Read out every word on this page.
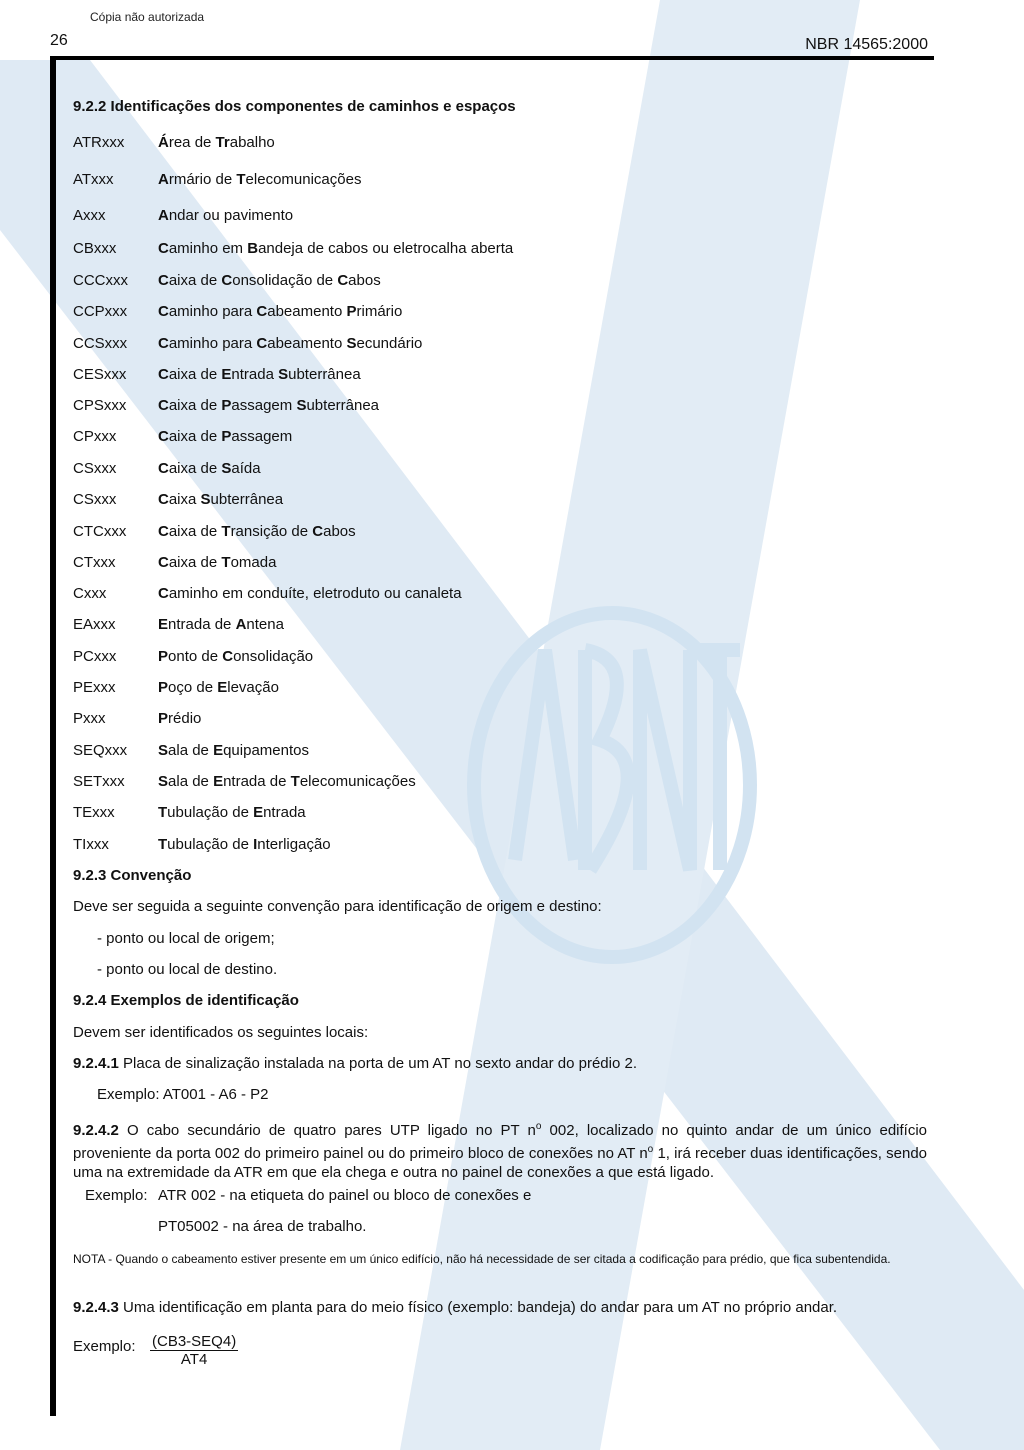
Cópia não autorizada
26	NBR 14565:2000
9.2.2 Identificações dos componentes de caminhos e espaços
ATRxxx Área de Trabalho
ATxxx	Armário de Telecomunicações
Axxx	Andar ou pavimento
CBxxx	Caminho em Bandeja de cabos ou eletrocalha aberta
CCCxxx Caixa de Consolidação de Cabos
CCPxxx Caminho para Cabeamento Primário
CCSxxx Caminho para Cabeamento Secundário
CESxxx Caixa de Entrada Subterrânea
CPSxxx Caixa de Passagem Subterrânea
CPxxx	Caixa de Passagem
CSxxx	Caixa de Saída
CSxxx	Caixa Subterrânea
CTCxxx Caixa de Transição de Cabos
CTxxx	Caixa de Tomada
Cxxx	Caminho em conduíte, eletroduto ou canaleta
EAxxx	Entrada de Antena
PCxxx	Ponto de Consolidação
PExxx	Poço de Elevação
Pxxx	Prédio
SEQxxx Sala de Equipamentos
SETxxx Sala de Entrada de Telecomunicações
TExxx	Tubulação de Entrada
TIxxx	Tubulação de Interligação
9.2.3 Convenção
Deve ser seguida a seguinte convenção para identificação de origem e destino:
- ponto ou local de origem;
- ponto ou local de destino.
9.2.4 Exemplos de identificação
Devem ser identificados os seguintes locais:
9.2.4.1 Placa de sinalização instalada na porta de um AT no sexto andar do prédio 2.
Exemplo: AT001 - A6 - P2
9.2.4.2 O cabo secundário de quatro pares UTP ligado no PT $n^o$ 002, localizado no quinto andar de um único edifício proveniente da porta 002 do primeiro painel ou do primeiro bloco de conexões no AT $n^o$ 1, irá receber duas identificações, sendo uma na extremidade da ATR em que ela chega e outra no painel de conexões a que está ligado.
Exemplo: ATR 002 - na etiqueta do painel ou bloco de conexões e
PT05002 - na área de trabalho.
NOTA - Quando o cabeamento estiver presente em um único edifício, não há necessidade de ser citada a codificação para prédio, que fica subentendida.
9.2.4.3 Uma identificação em planta para do meio físico (exemplo: bandeja) do andar para um AT no próprio andar.
Exemplo: (CB3-SEQ4)
AT4
